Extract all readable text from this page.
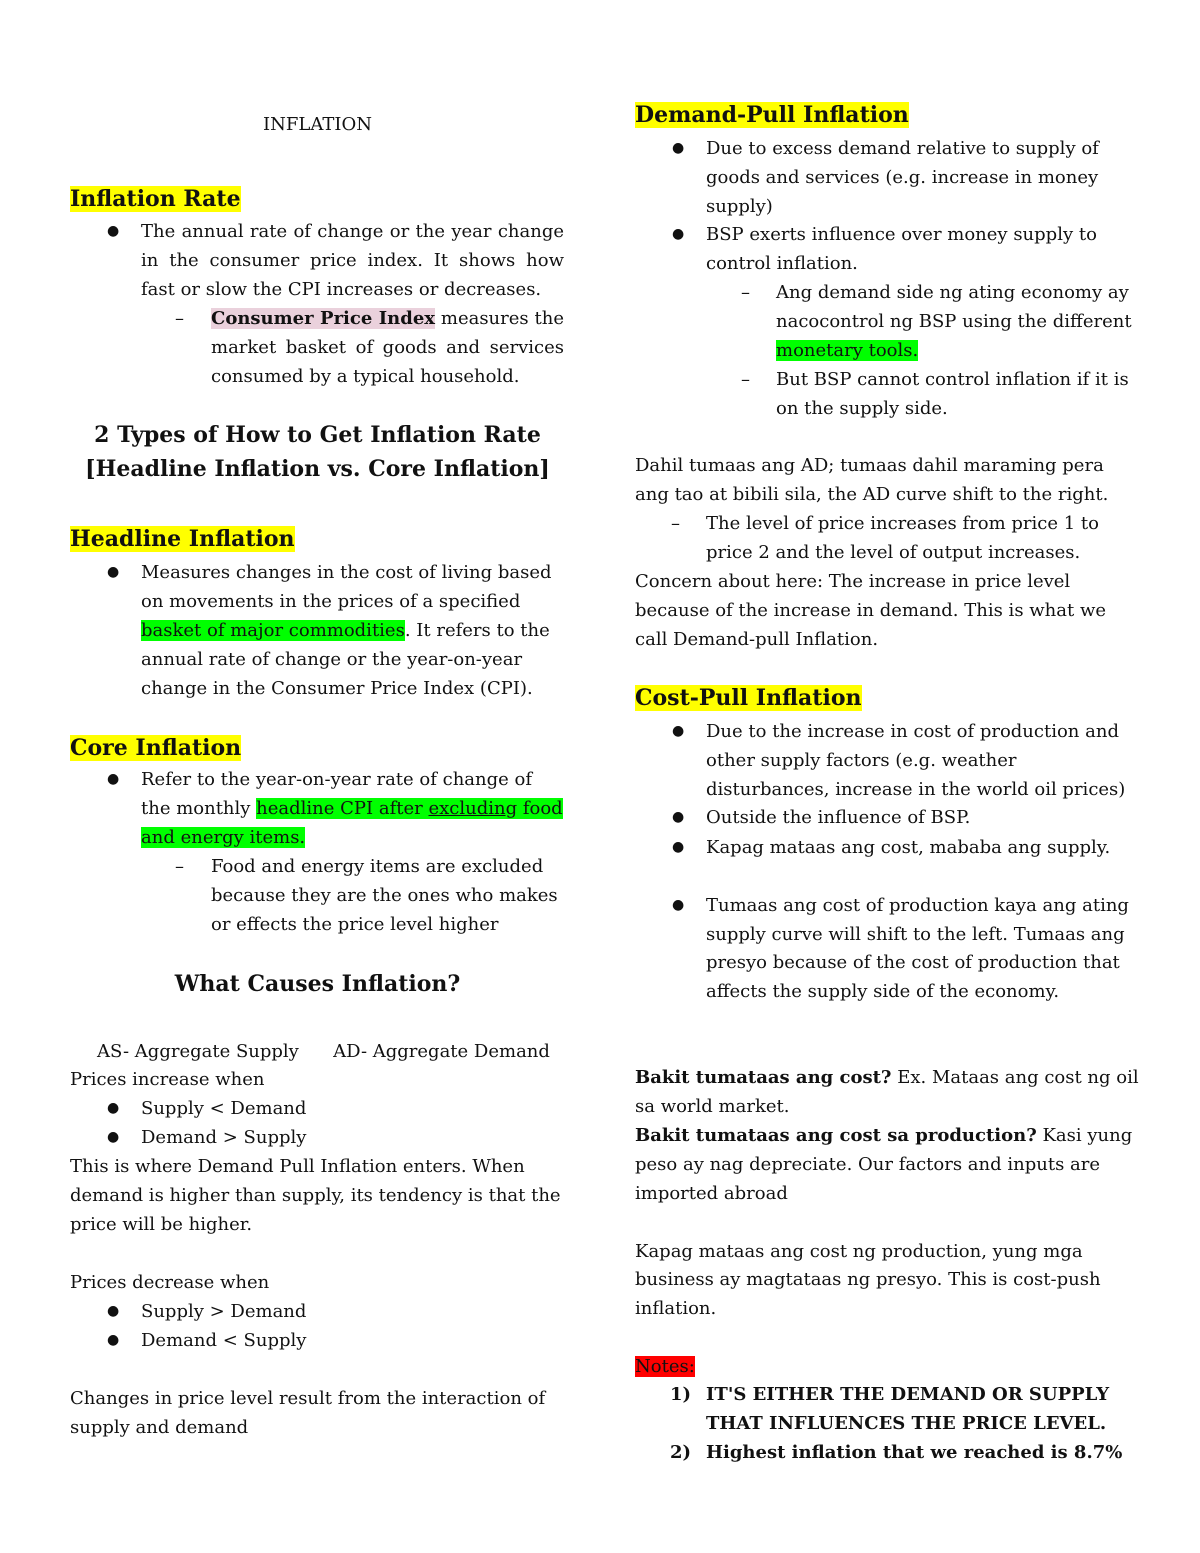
INFLATION
Inflation Rate
● The annual rate of change or the year change
in the consumer price index. It shows how
fast or slow the CPI increases or decreases.
– Consumer Price Index measures the
market basket of goods and services
consumed by a typical household.
2 Types of How to Get Inflation Rate
[Headline Inflation vs. Core Inflation]
Headline Inflation
● Measures changes in the cost of living based
on movements in the prices of a specified
basket of major commodities. It refers to the
annual rate of change or the year-on-year
change in the Consumer Price Index (CPI).
Core Inflation
● Refer to the year-on-year rate of change of
the monthly headline CPI after excluding food
and energy items.
– Food and energy items are excluded
because they are the ones who makes
or effects the price level higher
What Causes Inflation?
AS- Aggregate Supply      AD- Aggregate Demand
Prices increase when
● Supply < Demand
● Demand > Supply
This is where Demand Pull Inflation enters. When
demand is higher than supply, its tendency is that the
price will be higher.
Prices decrease when
● Supply > Demand
● Demand < Supply
Changes in price level result from the interaction of
supply and demand
Demand-Pull Inflation
● Due to excess demand relative to supply of
goods and services (e.g. increase in money
supply)
● BSP exerts influence over money supply to
control inflation.
– Ang demand side ng ating economy ay
nacocontrol ng BSP using the different
monetary tools.
– But BSP cannot control inflation if it is
on the supply side.
Dahil tumaas ang AD; tumaas dahil maraming pera
ang tao at bibili sila, the AD curve shift to the right.
– The level of price increases from price 1 to
price 2 and the level of output increases.
Concern about here: The increase in price level
because of the increase in demand. This is what we
call Demand-pull Inflation.
Cost-Pull Inflation
● Due to the increase in cost of production and
other supply factors (e.g. weather
disturbances, increase in the world oil prices)
● Outside the influence of BSP.
● Kapag mataas ang cost, mababa ang supply.
● Tumaas ang cost of production kaya ang ating
supply curve will shift to the left. Tumaas ang
presyo because of the cost of production that
affects the supply side of the economy.
Bakit tumataas ang cost? Ex. Mataas ang cost ng oil
sa world market.
Bakit tumataas ang cost sa production? Kasi yung
peso ay nag depreciate. Our factors and inputs are
imported abroad
Kapag mataas ang cost ng production, yung mga
business ay magtataas ng presyo. This is cost-push
inflation.
Notes:
1) IT'S EITHER THE DEMAND OR SUPPLY
THAT INFLUENCES THE PRICE LEVEL.
2) Highest inflation that we reached is 8.7%
